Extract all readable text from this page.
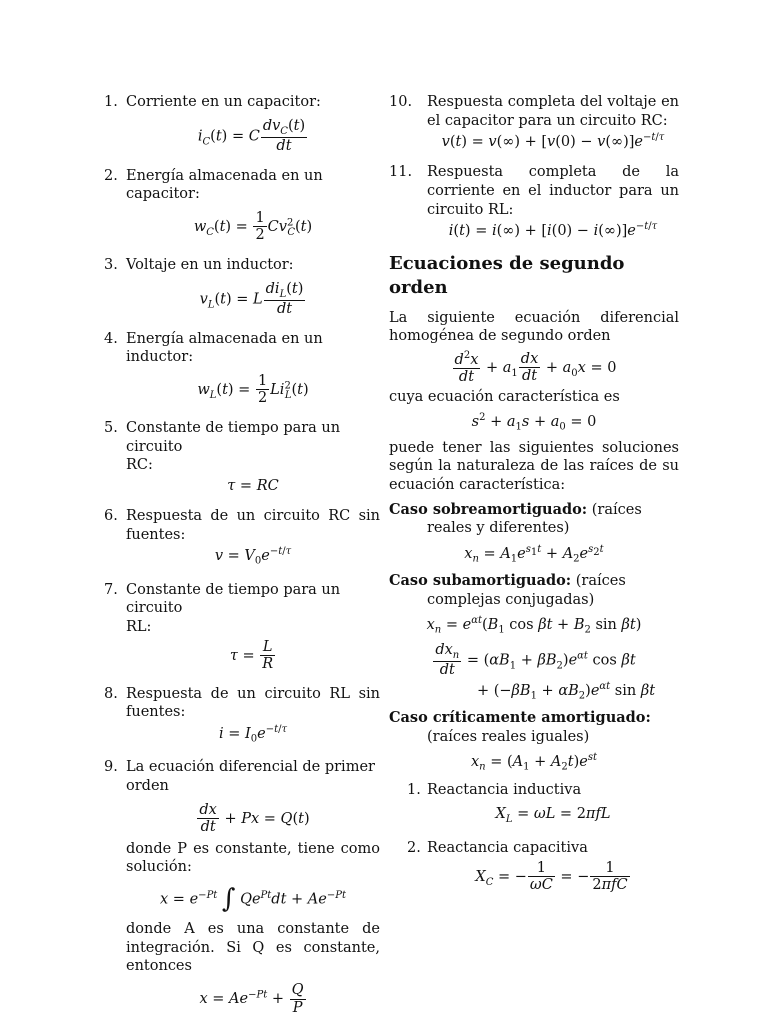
1. Corriente en un capacitor:
$i_C(t) = C \frac{dv_C(t)}{dt}$
2. Energía almacenada en un capacitor:
$w_C(t) = \frac{1}{2} Cv^2_C(t)$
3. Voltaje en un inductor:
$v_L(t) = L \frac{di_L(t)}{dt}$
4. Energía almacenada en un inductor:
$w_L(t) = \frac{1}{2} Li^2_L(t)$
5. Constante de tiempo para un circuito
RC:
τ = RC
6. Respuesta de un circuito RC sin fuentes:
$v = V_0e^{-t/\tau}$
7. Constante de tiempo para un circuito
RL:
$\tau = \frac{L}{R}$
8. Respuesta de un circuito RL sin fuentes:
$i = I_0e^{-t/\tau}$
9. La ecuación diferencial de primer orden
$\frac{dx}{dt} + Px = Q(t)$
donde P es constante, tiene como solución:
$x = e^{-Pt}$ ∫ $Qe^{Pt}dt + Ae^{-Pt}$
donde A es una constante de integración. Si Q es constante, entonces
$x = Ae^{-Pt} + \frac{Q}{P}$
10. Respuesta completa del voltaje en el capacitor para un circuito RC:
$v(t) = v(\infty) + [v(0) - v(\infty)]e^{-t/\tau}$
11. Respuesta completa de la corriente en el inductor para un circuito RL:
$i(t) = i(\infty) + [i(0) - i(\infty)]e^{-t/\tau}$
Ecuaciones de segundo orden

La siguiente ecuación diferencial homogénea de segundo orden

$\frac{d^2x}{dt} + a_1 \frac{dx}{dt} + a_0x = 0$

cuya ecuación característica es

$s^2 + a_1s + a_0 = 0$

puede tener las siguientes soluciones según la naturaleza de las raíces de su ecuación característica:

Caso sobreamortiguado: (raíces reales y diferentes)
$x_n = A_1e^{s_1t} + A_2e^{s_2t}$
Caso subamortiguado: (raíces complejas conjugadas)
$x_n = e^{\alpha t}(B_1$ $\cos \beta t + B_2$ sin βt)
$\frac{dx_n}{dt} = (\alpha B_1 + \beta B_2)e^{\alpha t}$ cos βt
+ $(-\beta B_1 + \alpha B_2)e^{\alpha t}$ sin βt
Caso críticamente amortiguado: (raíces reales iguales)
$x_n = (A_1 + A_2t)e^{st}$
1. Reactancia inductiva
$X_L = \omega L = 2\pi fL$
2. Reactancia capacitiva
$X_C$ = − $\frac{1}{\omega C}$ = − $\frac{1}{\text{2πfC}}$
